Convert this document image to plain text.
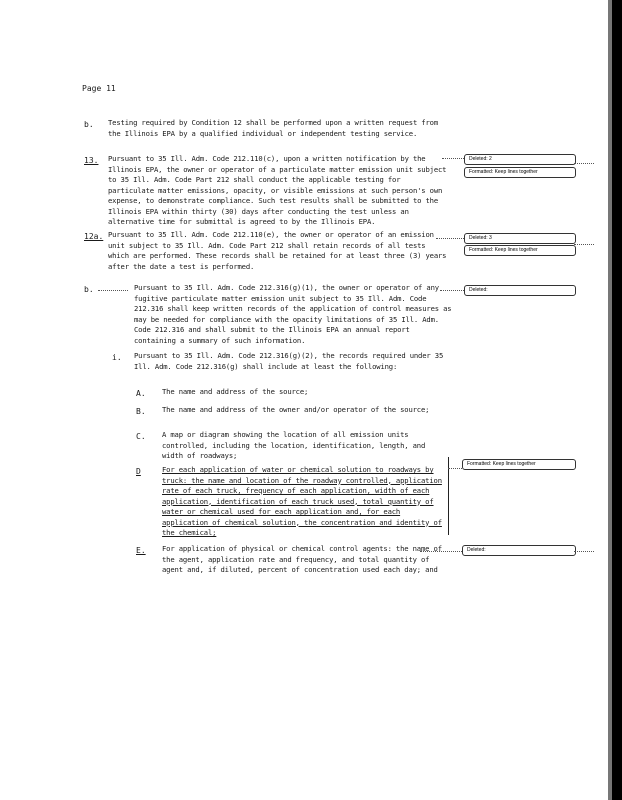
Page 11
b. Testing required by Condition 12 shall be performed upon a written request from the Illinois EPA by a qualified individual or independent testing service.
13. Pursuant to 35 Ill. Adm. Code 212.110(c), upon a written notification by the Illinois EPA, the owner or operator of a particulate matter emission unit subject to 35 Ill. Adm. Code Part 212 shall conduct the applicable testing for particulate matter emissions, opacity, or visible emissions at such person's own expense, to demonstrate compliance. Such test results shall be submitted to the Illinois EPA within thirty (30) days after conducting the test unless an alternative time for submittal is agreed to by the Illinois EPA.
Deleted: 2
Formatted: Keep lines together
12a. Pursuant to 35 Ill. Adm. Code 212.110(e), the owner or operator of an emission unit subject to 35 Ill. Adm. Code Part 212 shall retain records of all tests which are performed. These records shall be retained for at least three (3) years after the date a test is performed.
Deleted: 3
Formatted: Keep lines together
b.	Pursuant to 35 Ill. Adm. Code 212.316(g)(1), the owner or operator of any fugitive particulate matter emission unit subject to 35 Ill. Adm. Code 212.316 shall keep written records of the application of control measures as may be needed for compliance with the opacity limitations of 35 Ill. Adm. Code 212.316 and shall submit to the Illinois EPA an annual report containing a summary of such information.
Deleted:
i. Pursuant to 35 Ill. Adm. Code 212.316(g)(2), the records required under 35 Ill. Adm. Code 212.316(g) shall include at least the following:
A. The name and address of the source;
B. The name and address of the owner and/or operator of the source;
C. A map or diagram showing the location of all emission units controlled, including the location, identification, length, and width of roadways;
D	For each application of water or chemical solution to roadways by truck: the name and location of the roadway controlled, application rate of each truck, frequency of each application, width of each application, identification of each truck used, total quantity of water or chemical used for each application and, for each application of chemical solution, the concentration and identity of the chemical;
Formatted: Keep lines together
E. For application of physical or chemical control agents: the name of the agent, application rate and frequency, and total quantity of agent and, if diluted, percent of concentration used each day; and
Deleted:
